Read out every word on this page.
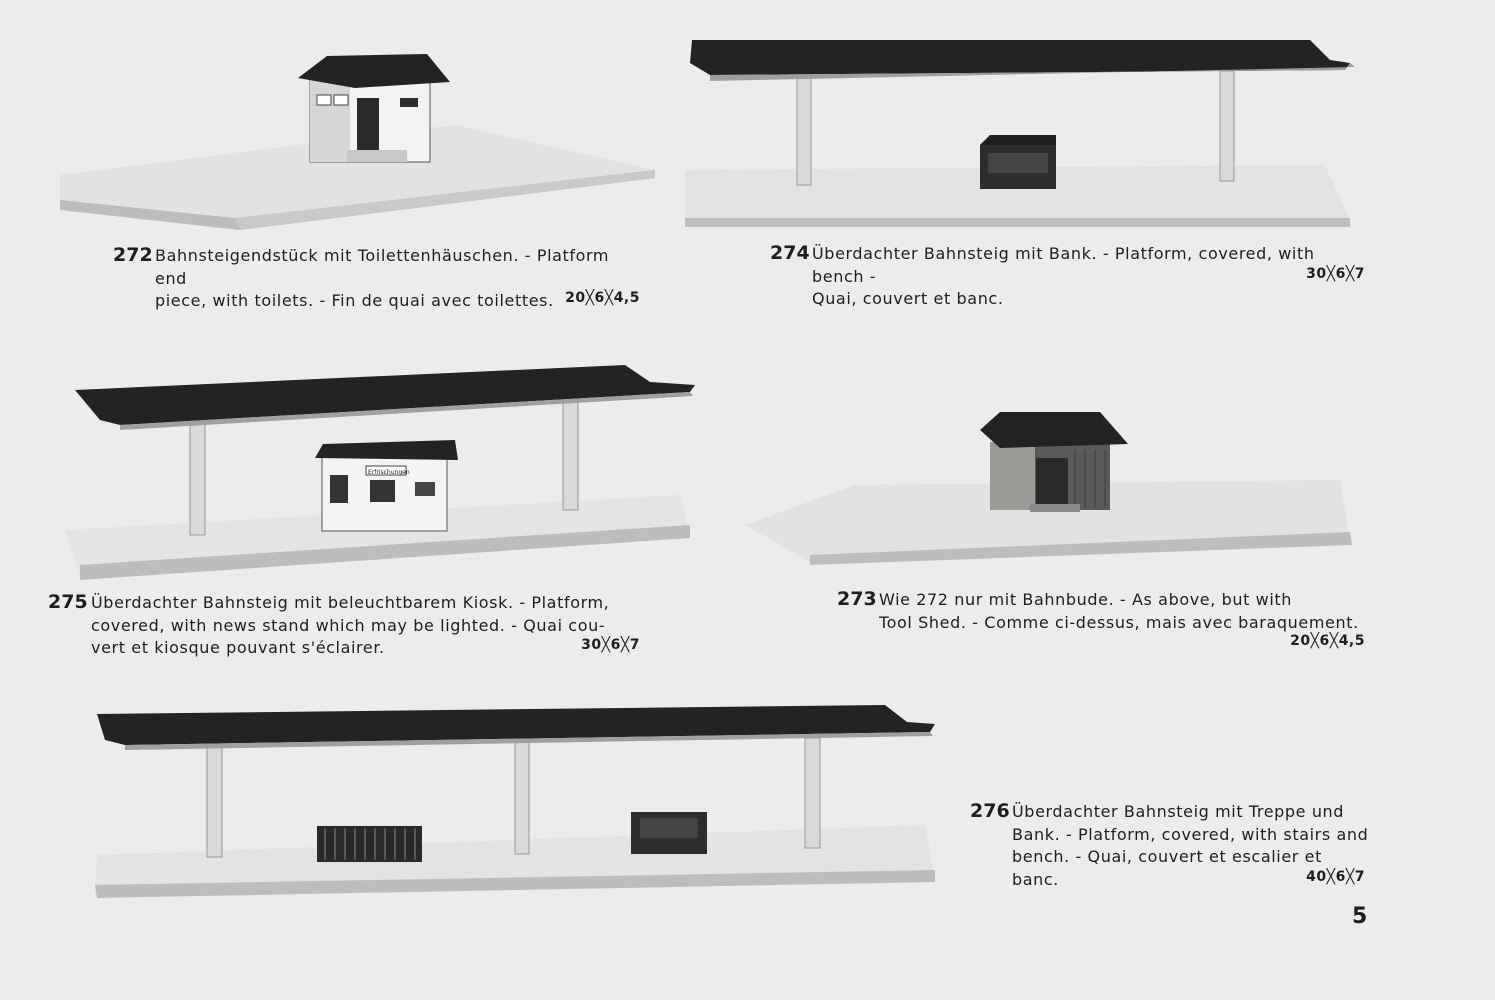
272 Bahnsteigendstück mit Toilettenhäuschen. - Platform end
piece, with toilets. - Fin de quai avec toilettes. 20╳6╳4,5
274 Überdachter Bahnsteig mit Bank. - Platform, covered, with bench -
Quai, couvert et banc.
30╳6╳7
Erfrischungen
275 Überdachter Bahnsteig mit beleuchtbarem Kiosk. - Platform,
covered, with news stand which may be lighted. - Quai cou-
vert et kiosque pouvant s'éclairer.	30╳6╳7
273 Wie 272 nur mit Bahnbude. - As above, but with
Tool Shed. - Comme ci-dessus, mais avec baraquement.
20╳6╳4,5
276 Überdachter Bahnsteig mit Treppe und
Bank. - Platform, covered, with stairs and
bench. - Quai, couvert et escalier et
banc.	40╳6╳7
5
